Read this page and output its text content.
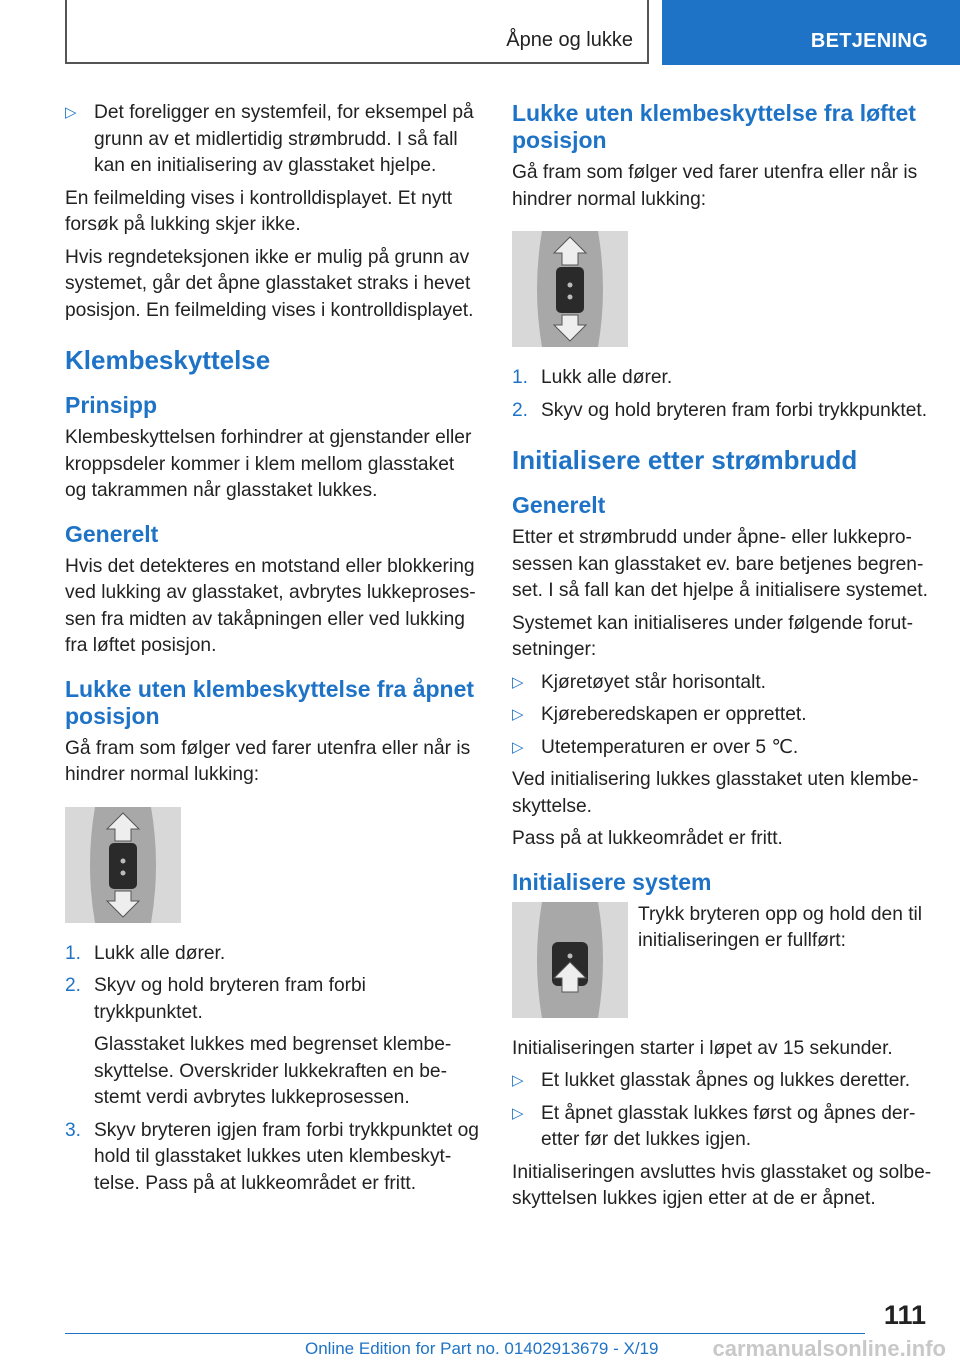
Åpne og lukke	BETJENING
▷ Det foreligger en systemfeil, for eksempel på grunn av et midlertidig strømbrudd. I så fall kan en initialisering av glasstaket hjelpe.

En feilmelding vises i kontrolldisplayet. Et nytt forsøk på lukking skjer ikke.

Hvis regndeteksjonen ikke er mulig på grunn av systemet, går det åpne glasstaket straks i hevet posisjon. En feilmelding vises i kontrolldisplayet.

Klembeskyttelse
Prinsipp

Klembeskyttelsen forhindrer at gjenstander eller kroppsdeler kommer i klem mellom glasstaket og takrammen når glasstaket lukkes.

Generelt

Hvis det detekteres en motstand eller blokkering ved lukking av glasstaket, avbrytes lukkeproses-sen fra midten av takåpningen eller ved lukking fra løftet posisjon.

Lukke uten klembeskyttelse fra åpnet posisjon

Gå fram som følger ved farer utenfra eller når is hindrer normal lukking:

1. Lukk alle dører.
2. Skyv og hold bryteren fram forbi trykkpunktet.
Glasstaket lukkes med begrenset klembe-skyttelse. Overskrider lukkekraften en be-stemt verdi avbrytes lukkeprosessen.
3. Skyv bryteren igjen fram forbi trykkpunktet og hold til glasstaket lukkes uten klembeskyt-telse. Pass på at lukkeområdet er fritt.
Lukke uten klembeskyttelse fra løftet posisjon

Gå fram som følger ved farer utenfra eller når is hindrer normal lukking:

1. Lukk alle dører.
2. Skyv og hold bryteren fram forbi trykkpunktet.
Initialisere etter strømbrudd
Generelt

Etter et strømbrudd under åpne- eller lukkepro-sessen kan glasstaket ev. bare betjenes begren-set. I så fall kan det hjelpe å initialisere systemet.

Systemet kan initialiseres under følgende forut-setninger:

▷ Kjøretøyet står horisontalt.
▷ Kjøreberedskapen er opprettet.
▷ Utetemperaturen er over 5 ℃.

Ved initialisering lukkes glasstaket uten klembe-skyttelse.

Pass på at lukkeområdet er fritt.

Initialisere system

Trykk bryteren opp og hold den til initialiseringen er fullført:

Initialiseringen starter i løpet av 15 sekunder.

▷ Et lukket glasstak åpnes og lukkes deretter.
▷ Et åpnet glasstak lukkes først og åpnes der-etter før det lukkes igjen.

Initialiseringen avsluttes hvis glasstaket og solbe-skyttelsen lukkes igjen etter at de er åpnet.

111
Online Edition for Part no. 01402913679 - X/19 carmanualsonline.info
